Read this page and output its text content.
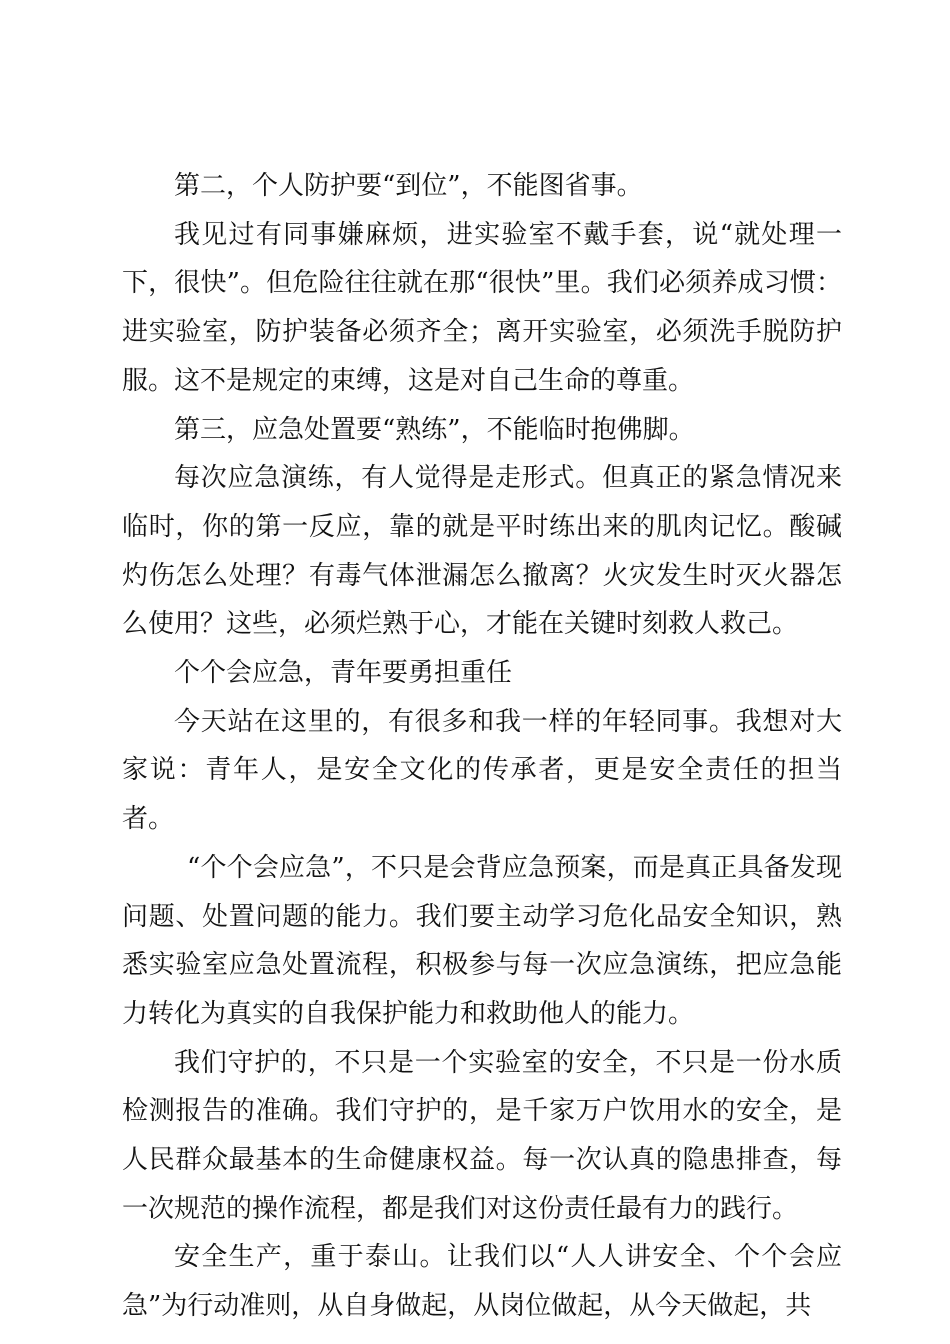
第二，个人防护要“到位”，不能图省事。

我见过有同事嫌麻烦，进实验室不戴手套，说“就处理一下，很快”。但危险往往就在那“很快”里。我们必须养成习惯：进实验室，防护装备必须齐全；离开实验室，必须洗手脱防护服。这不是规定的束缚，这是对自己生命的尊重。

第三，应急处置要“熟练”，不能临时抱佛脚。

每次应急演练，有人觉得是走形式。但真正的紧急情况来临时，你的第一反应，靠的就是平时练出来的肌肉记忆。酸碱灼伤怎么处理？有毒气体泄漏怎么撤离？火灾发生时灭火器怎么使用？这些，必须烂熟于心，才能在关键时刻救人救己。

个个会应急，青年要勇担重任

今天站在这里的，有很多和我一样的年轻同事。我想对大家说：青年人，是安全文化的传承者，更是安全责任的担当者。

“个个会应急”，不只是会背应急预案，而是真正具备发现问题、处置问题的能力。我们要主动学习危化品安全知识，熟悉实验室应急处置流程，积极参与每一次应急演练，把应急能力转化为真实的自我保护能力和救助他人的能力。

我们守护的，不只是一个实验室的安全，不只是一份水质检测报告的准确。我们守护的，是千家万户饮用水的安全，是人民群众最基本的生命健康权益。每一次认真的隐患排查，每一次规范的操作流程，都是我们对这份责任最有力的践行。

安全生产，重于泰山。让我们以“人人讲安全、个个会应急”为行动准则，从自身做起，从岗位做起，从今天做起，共
